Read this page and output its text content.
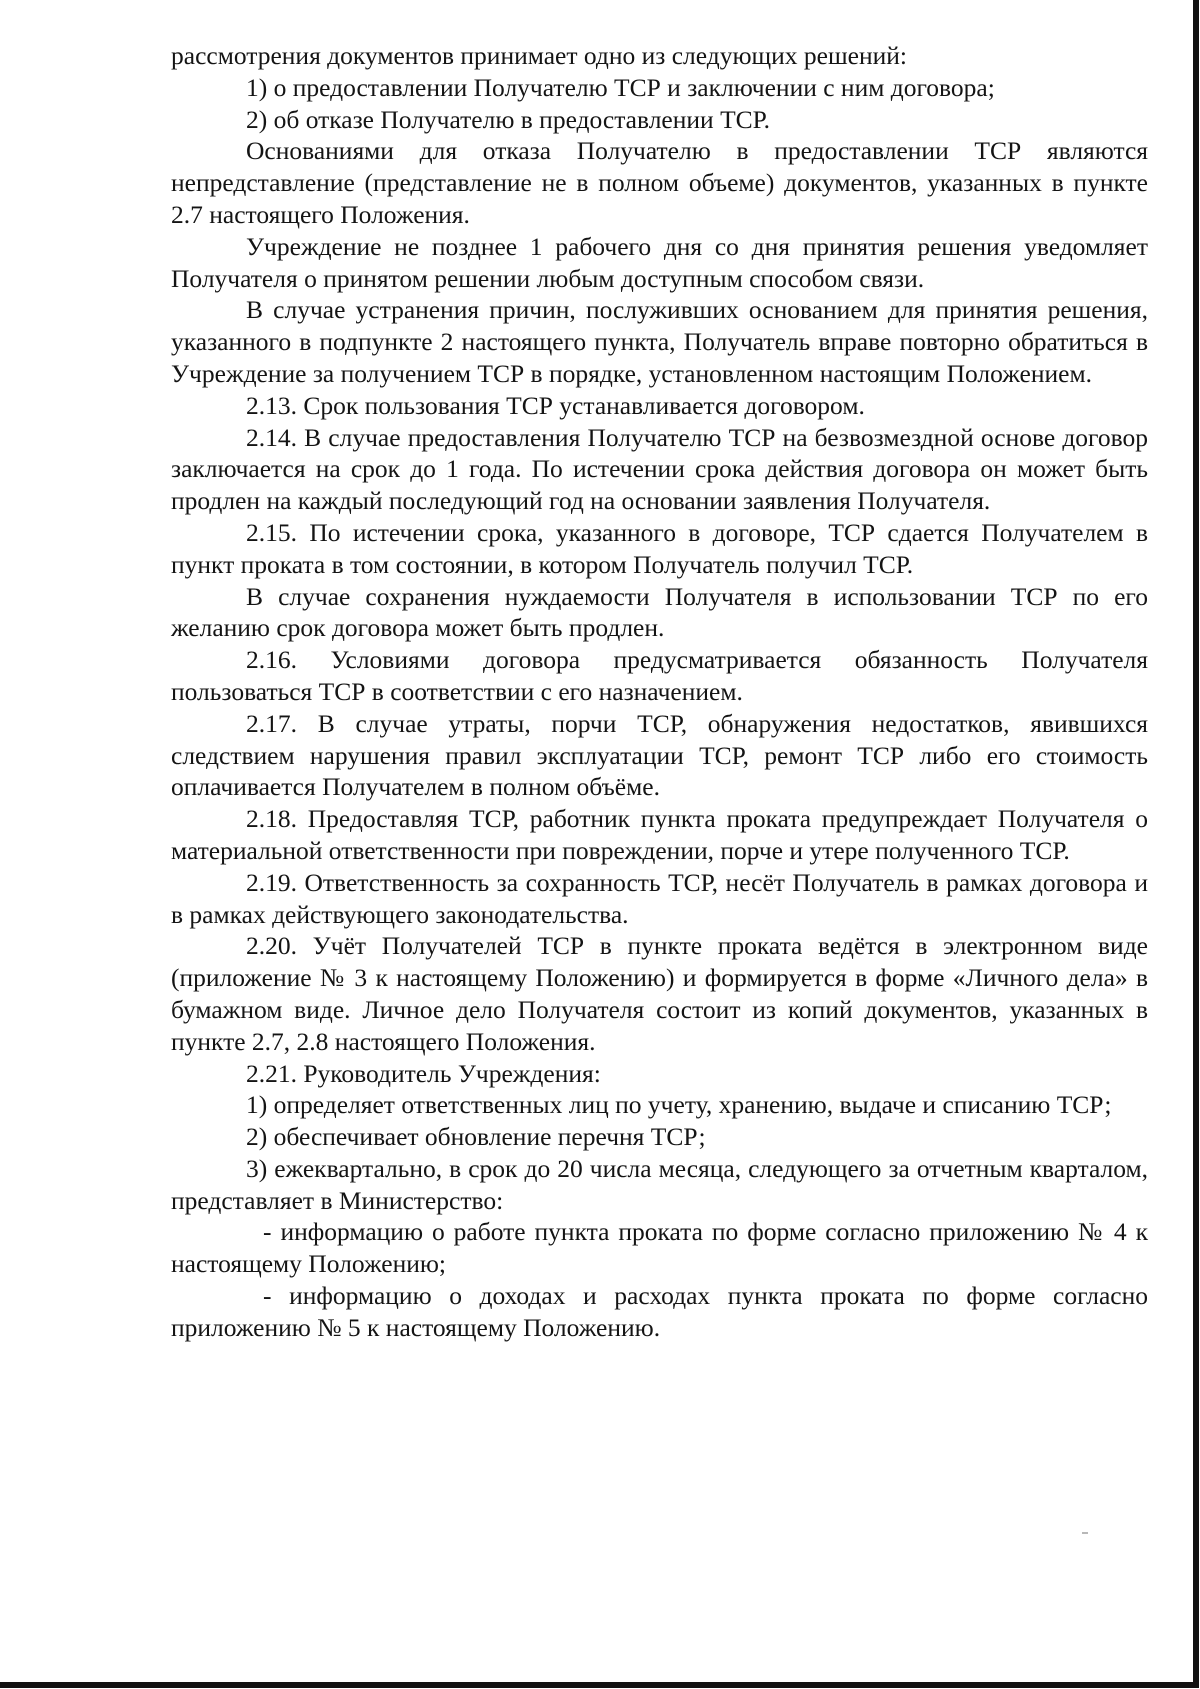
рассмотрения документов принимает одно из следующих решений:

1) о предоставлении Получателю ТСР и заключении с ним договора;

2) об отказе Получателю в предоставлении ТСР.

Основаниями для отказа Получателю в предоставлении ТСР являются непредставление (представление не в полном объеме) документов, указанных в пункте 2.7 настоящего Положения.

Учреждение не позднее 1 рабочего дня со дня принятия решения уведомляет Получателя о принятом решении любым доступным способом связи.

В случае устранения причин, послуживших основанием для принятия решения, указанного в подпункте 2 настоящего пункта, Получатель вправе повторно обратиться в Учреждение за получением ТСР в порядке, установленном настоящим Положением.

2.13. Срок пользования ТСР устанавливается договором.

2.14. В случае предоставления Получателю ТСР на безвозмездной основе договор заключается на срок до 1 года. По истечении срока действия договора он может быть продлен на каждый последующий год на основании заявления Получателя.

2.15. По истечении срока, указанного в договоре, ТСР сдается Получателем в пункт проката в том состоянии, в котором Получатель получил ТСР.

В случае сохранения нуждаемости Получателя в использовании ТСР по его желанию срок договора может быть продлен.

2.16. Условиями договора предусматривается обязанность Получателя пользоваться ТСР в соответствии с его назначением.

2.17. В случае утраты, порчи ТСР, обнаружения недостатков, явившихся следствием нарушения правил эксплуатации ТСР, ремонт ТСР либо его стоимость оплачивается Получателем в полном объёме.

2.18. Предоставляя ТСР, работник пункта проката предупреждает Получателя о материальной ответственности при повреждении, порче и утере полученного ТСР.

2.19. Ответственность за сохранность ТСР, несёт Получатель в рамках договора и в рамках действующего законодательства.

2.20. Учёт Получателей ТСР в пункте проката ведётся в электронном виде (приложение № 3 к настоящему Положению) и формируется в форме «Личного дела» в бумажном виде. Личное дело Получателя состоит из копий документов, указанных в пункте 2.7, 2.8 настоящего Положения.

2.21. Руководитель Учреждения:

1) определяет ответственных лиц по учету, хранению, выдаче и списанию ТСР;

2) обеспечивает обновление перечня ТСР;

3) ежеквартально, в срок до 20 числа месяца, следующего за отчетным кварталом, представляет в Министерство:

- информацию о работе пункта проката по форме согласно приложению № 4 к настоящему Положению;

- информацию о доходах и расходах пункта проката по форме согласно приложению № 5 к настоящему Положению.
